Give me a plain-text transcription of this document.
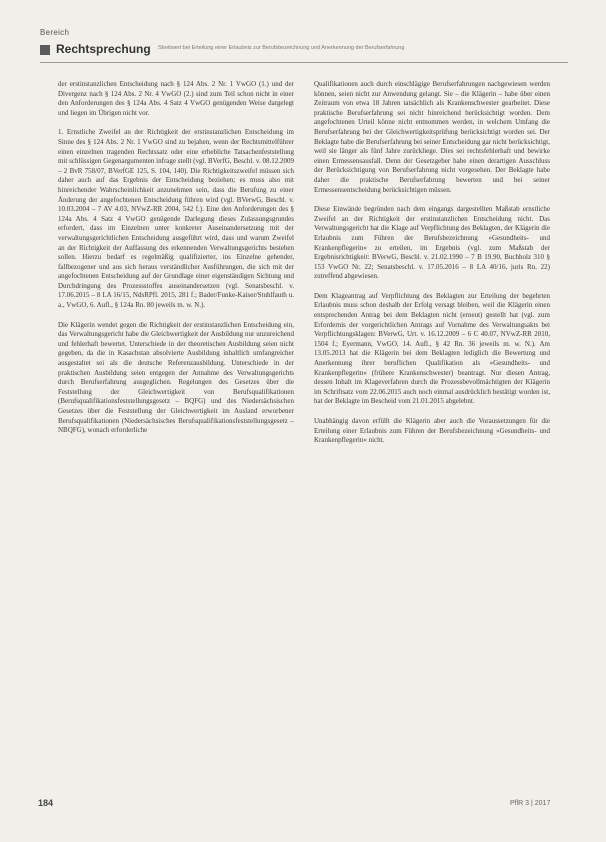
Bereich
Rechtsprechung Streitwert bei Erteilung einer Erlaubnis zur Berufsbezeichnung und Anerkennung der Berufserfahrung

der erstinstanzlichen Entscheidung nach § 124 Abs. 2 Nr. 1 VwGO (1.) und der Divergenz nach § 124 Abs. 2 Nr. 4 VwGO (2.) sind zum Teil schon nicht in einer den Anforderungen des § 124a Abs. 4 Satz 4 VwGO genügenden Weise dargelegt und liegen im Übrigen nicht vor.

1. Ernstliche Zweifel an der Richtigkeit der erstinstanzlichen Entscheidung im Sinne des § 124 Abs. 2 Nr. 1 VwGO sind zu bejahen, wenn der Rechtsmittelführer einen einzelnen tragenden Rechtssatz oder eine erhebliche Tatsachenfeststellung mit schlüssigen Gegenargumenten infrage stellt (vgl. BVerfG, Beschl. v. 08.12.2009 – 2 BvR 758/07, BVerfGE 125, S. 104, 140). Die Richtigkeitszweifel müssen sich daher auch auf das Ergebnis der Entscheidung beziehen; es muss also mit hinreichender Wahrscheinlichkeit anzunehmen sein, dass die Berufung zu einer Änderung der angefochtenen Entscheidung führen wird (vgl. BVerwG, Beschl. v. 10.03.2004 – 7 AV 4.03, NVwZ-RR 2004, 542 f.). Eine den Anforderungen des § 124a Abs. 4 Satz 4 VwGO genügende Darlegung dieses Zulassungsgrundes erfordert, dass im Einzelnen unter konkreter Auseinandersetzung mit der verwaltungsgerichtlichen Entscheidung ausgeführt wird, dass und warum Zweifel an der Richtigkeit der Auffassung des erkennenden Verwaltungsgerichts bestehen sollen. Hierzu bedarf es regelmäßig qualifizierter, ins Einzelne gehender, fallbezogener und aus sich heraus verständlicher Ausführungen, die sich mit der angefochtenen Entscheidung auf der Grundlage einer eigenständigen Sichtung und Durchdringung des Prozessstoffes auseinandersetzen (vgl. Senatsbeschl. v. 17.06.2015 – 8 LA 16/15, NdsRPfl. 2015, 281 f.; Bader/Funke-Kaiser/Stuhlfauth u. a., VwGO, 6. Aufl., § 124a Rn. 80 jeweils m. w. N.).

Die Klägerin wendet gegen die Richtigkeit der erstinstanzlichen Entscheidung ein, das Verwaltungsgericht habe die Gleichwertigkeit der Ausbildung nur unzureichend und fehlerhaft bewertet. Unterschiede in der theoretischen Ausbildung seien nicht gegeben, da die in Kasachstan absolvierte Ausbildung inhaltlich umfangreicher ausgestaltet sei als die deutsche Referenzausbildung. Unterschiede in der praktischen Ausbildung seien entgegen der Annahme des Verwaltungsgerichts durch Berufserfahrung ausgeglichen. Regelungen des Gesetzes über die Feststellung der Gleichwertigkeit von Berufsqualifikationen (Berufsqualifikationsfeststellungsgesetz – BQFG) und des Niedersächsischen Gesetzes über die Feststellung der Gleichwertigkeit im Ausland erworbener Berufsqualifikationen (Niedersächsisches Berufsqualifikationsfeststellungsgesetz – NBQFG), wonach erforderliche

Qualifikationen auch durch einschlägige Berufserfahrungen nachgewiesen werden können, seien nicht zur Anwendung gelangt. Sie – die Klägerin – habe über einen Zeitraum von etwa 18 Jahren tatsächlich als Krankenschwester gearbeitet. Diese praktische Berufserfahrung sei nicht hinreichend berücksichtigt worden. Dem angefochtenen Urteil könne nicht entnommen werden, in welchem Umfang die Berufserfahrung bei der Gleichwertigkeitsprüfung berücksichtigt worden sei. Der Beklagte habe die Berufserfahrung bei seiner Entscheidung gar nicht berücksichtigt, weil sie länger als fünf Jahre zurückliege. Dies sei rechtsfehlerhaft und bewirke einen Ermessensausfall. Denn der Gesetzgeber habe einen derartigen Ausschluss der Berücksichtigung von Berufserfahrung nicht vorgesehen. Der Beklagte habe daher die praktische Berufserfahrung bewerten und bei seiner Ermessensentscheidung berücksichtigen müssen.

Diese Einwände begründen nach dem eingangs dargestellten Maßstab ernstliche Zweifel an der Richtigkeit der erstinstanzlichen Entscheidung nicht. Das Verwaltungsgericht hat die Klage auf Verpflichtung des Beklagten, der Klägerin die Erlaubnis zum Führen der Berufsbezeichnung »Gesundheits- und Krankenpflegerin« zu erteilen, im Ergebnis (vgl. zum Maßstab der Ergebnisrichtigkeit: BVerwG, Beschl. v. 21.02.1990 – 7 B 19.90, Buchholz 310 § 153 VwGO Nr. 22; Senatsbeschl. v. 17.05.2016 – 8 LA 40/16, juris Rn. 22) zutreffend abgewiesen.

Dem Klageantrag auf Verpflichtung des Beklagten zur Erteilung der begehrten Erlaubnis muss schon deshalb der Erfolg versagt bleiben, weil die Klägerin einen entsprechenden Antrag bei dem Beklagten nicht (erneut) gestellt hat (vgl. zum Erfordernis der vorgerichtlichen Antrags auf Vornahme des Verwaltungsakts bei Verpflichtungsklagen: BVerwG, Urt. v. 16.12.2009 – 6 C 40.07, NVwZ-RR 2010, 1504 f.; Eyermann, VwGO, 14. Aufl., § 42 Rn. 36 jeweils m. w. N.). Am 13.05.2013 hat die Klägerin bei dem Beklagten lediglich die Bewertung und Anerkennung ihrer beruflichen Qualifikation als »Gesundheits- und Krankenpflegerin« (frühere Krankenschwester) beantragt. Nur diesen Antrag, dessen Inhalt im Klageverfahren durch die Prozessbevollmächtigten der Klägerin im Schriftsatz vom 22.06.2015 auch noch einmal ausdrücklich bestätigt worden ist, hat der Beklagte im Bescheid vom 21.01.2015 abgelehnt.

Unabhängig davon erfüllt die Klägerin aber auch die Voraussetzungen für die Erteilung einer Erlaubnis zum Führen der Berufsbezeichnung »Gesundheits- und Krankenpflegerin« nicht.

184	PflR 3 | 2017
